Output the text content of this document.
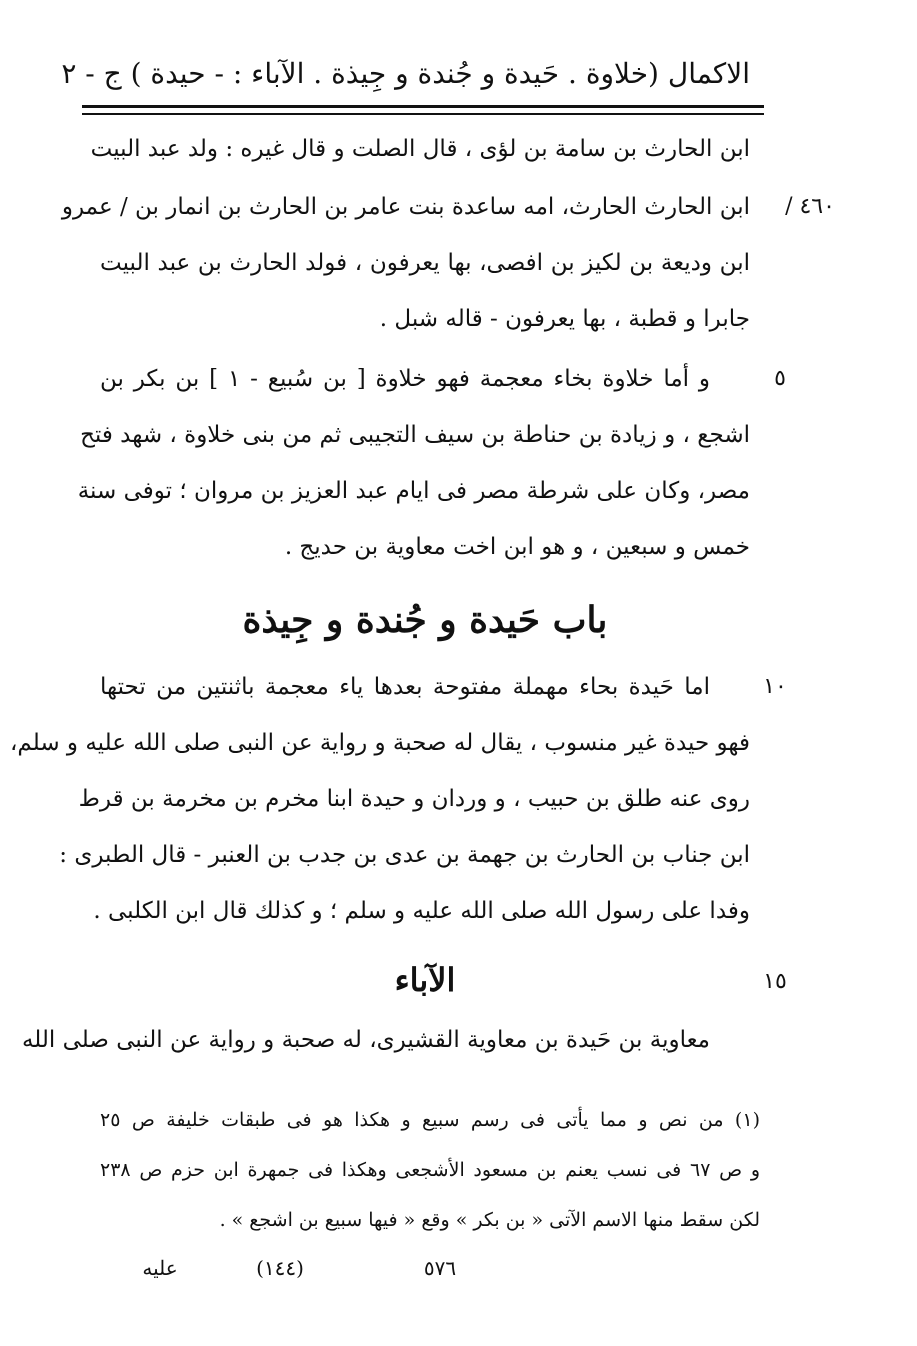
الاكمال (خلاوة . حَيدة و جُندة و جِيذة . الآباء : - حيدة ) ج - ٢
ابن الحارث بن سامة بن لؤى ، قال الصلت و قال غيره : ولد عبد البيت
ابن الحارث الحارث، امه ساعدة بنت عامر بن الحارث بن انمار بن / عمرو ٤٦٠ /
ابن وديعة بن لكيز بن افصى، بها يعرفون ، فولد الحارث بن عبد البيت
جابرا و قطبة ، بها يعرفون - قاله شبل .
و أما خلاوة بخاء معجمة فهو خلاوة [ بن سُبيع - ١ ] بن بكر بن	٥
اشجع ، و زيادة بن حناطة بن سيف التجيبى ثم من بنى خلاوة ، شهد فتح
مصر، وكان على شرطة مصر فى ايام عبد العزيز بن مروان ؛ توفى سنة
خمس و سبعين ، و هو ابن اخت معاوية بن حديج .
باب حَيدة و جُندة و جِيذة
اما حَيدة بحاء مهملة مفتوحة بعدها ياء معجمة باثنتين من تحتها	١٠
فهو حيدة غير منسوب ، يقال له صحبة و رواية عن النبى صلى الله عليه و سلم،
روى عنه طلق بن حبيب ، و وردان و حيدة ابنا مخرم بن مخرمة بن قرط
ابن جناب بن الحارث بن جهمة بن عدى بن جدب بن العنبر - قال الطبرى :
وفدا على رسول الله صلى الله عليه و سلم ؛ و كذلك قال ابن الكلبى .
الآباء	١٥
معاوية بن حَيدة بن معاوية القشيرى، له صحبة و رواية عن النبى صلى الله
(١) من نص و مما يأتى فى رسم سبيع و هكذا هو فى طبقات خليفة ص ٢٥
و ص ٦٧ فى نسب يعنم بن مسعود الأشجعى وهكذا فى جمهرة ابن حزم ص ٢٣٨
لكن سقط منها الاسم الآتى « بن بكر » وقع « فيها سبيع بن اشجع » .
عليه	(١٤٤)	٥٧٦
